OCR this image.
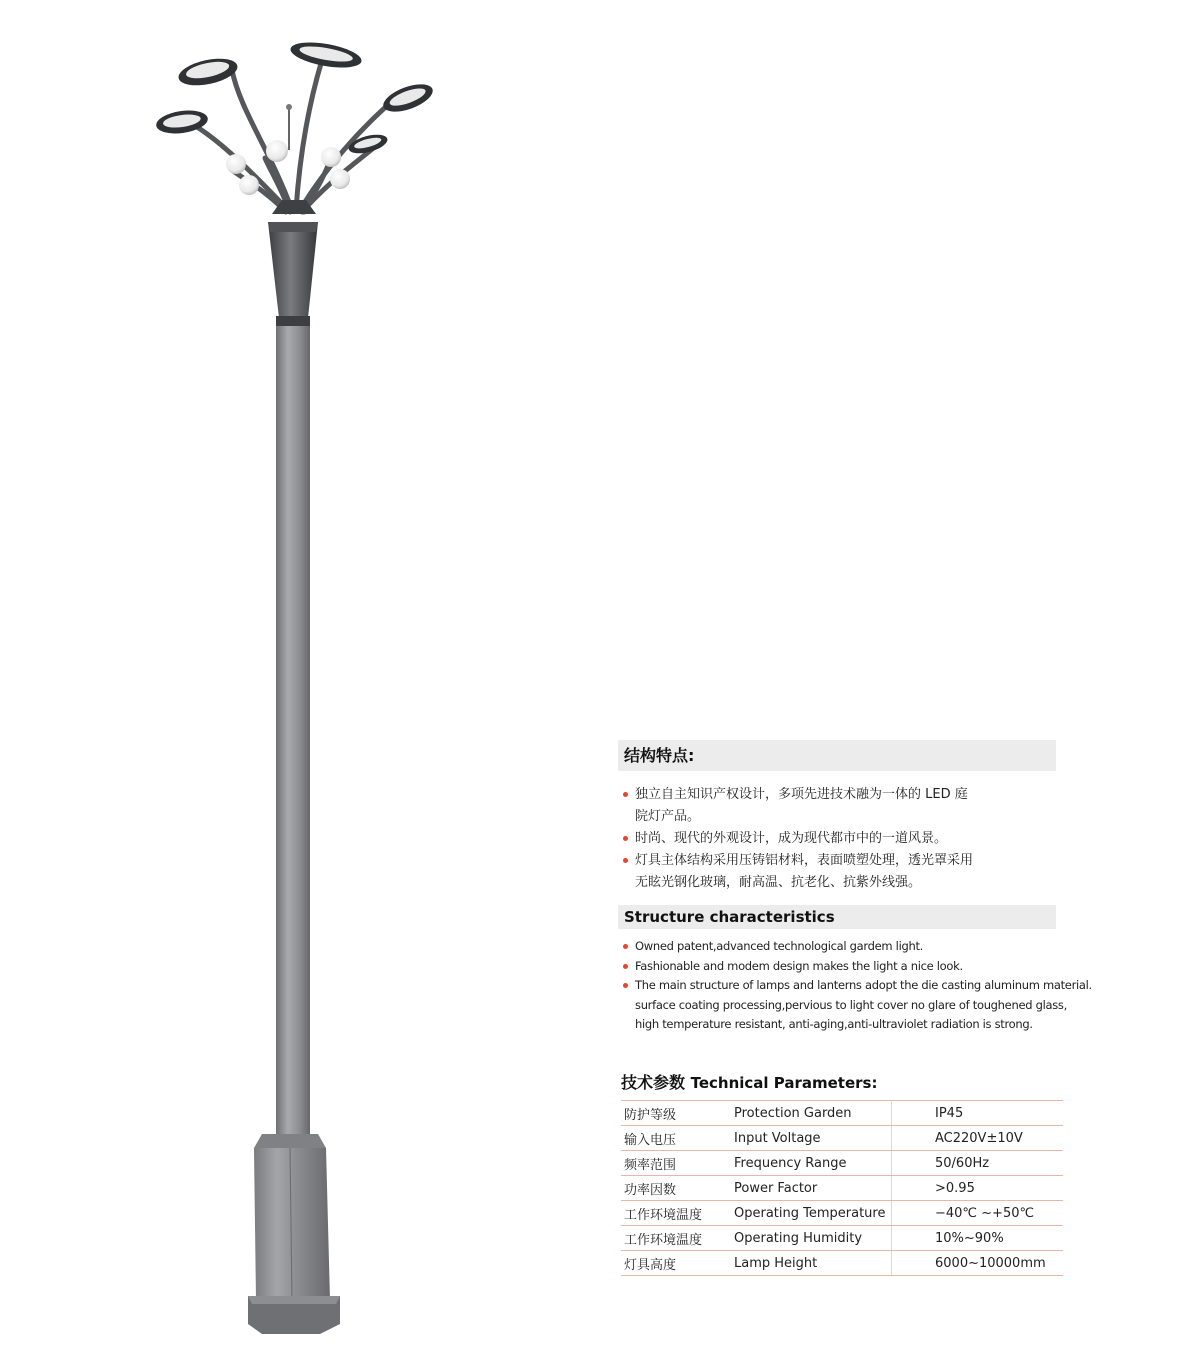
结构特点:
独立自主知识产权设计，多项先进技术融为一体的 LED 庭
院灯产品。
时尚、现代的外观设计，成为现代都市中的一道风景。
灯具主体结构采用压铸铝材料，表面喷塑处理，透光罩采用
无眩光钢化玻璃，耐高温、抗老化、抗紫外线强。
Structure characteristics
Owned patent,advanced technological gardem light.
Fashionable and modem design makes the light a nice look.
The main structure of lamps and lanterns adopt the die casting aluminum material.
surface coating processing,pervious to light cover no glare of toughened glass,
high temperature resistant, anti-aging,anti-ultraviolet radiation is strong.
技术参数 Technical Parameters:
防护等级	Protection Garden	IP45
输入电压	Input Voltage	AC220V±10V
频率范围	Frequency Range	50/60Hz
功率因数	Power Factor	>0.95
工作环境温度	Operating Temperature	−40℃ ~+50℃
工作环境温度	Operating Humidity	10%~90%
灯具高度	Lamp Height	6000~10000mm
